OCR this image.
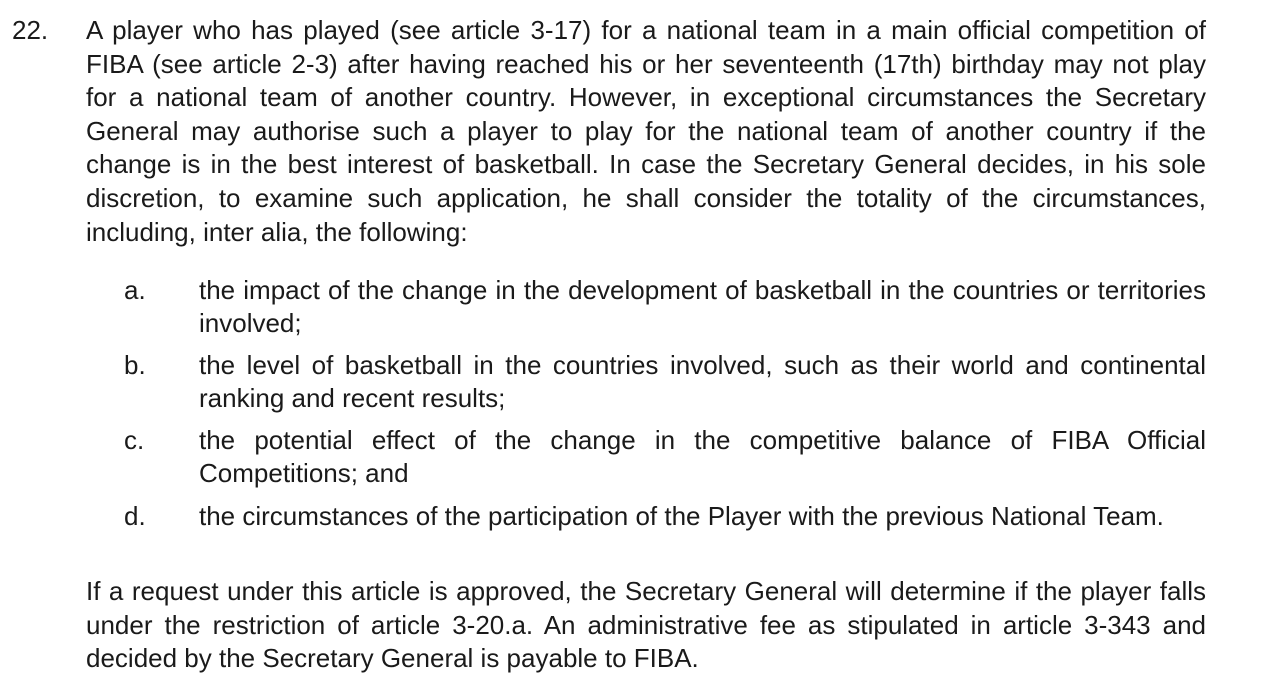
22. A player who has played (see article 3-17) for a national team in a main official competition of FIBA (see article 2-3) after having reached his or her seventeenth (17th) birthday may not play for a national team of another country. However, in exceptional circumstances the Secretary General may authorise such a player to play for the national team of another country if the change is in the best interest of basketball. In case the Secretary General decides, in his sole discretion, to examine such application, he shall consider the totality of the circumstances, including, inter alia, the following:

a. the impact of the change in the development of basketball in the countries or territories involved;

b. the level of basketball in the countries involved, such as their world and continental ranking and recent results;

c. the potential effect of the change in the competitive balance of FIBA Official Competitions; and

d. the circumstances of the participation of the Player with the previous National Team.

If a request under this article is approved, the Secretary General will determine if the player falls under the restriction of article 3-20.a. An administrative fee as stipulated in article 3-343 and decided by the Secretary General is payable to FIBA.
